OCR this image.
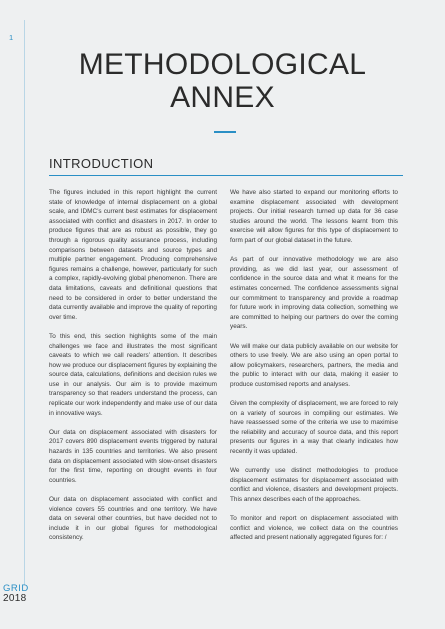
1
METHODOLOGICAL
ANNEX
INTRODUCTION

The figures included in this report highlight the current state of knowledge of internal displacement on a global scale, and IDMC’s current best estimates for displacement associated with conflict and disasters in 2017. In order to produce figures that are as robust as possible, they go through a rigorous quality assurance process, including comparisons between datasets and source types and multiple partner engagement. Producing comprehensive figures remains a challenge, however, particularly for such a complex, rapidly-evolving global phenomenon. There are data limitations, caveats and definitional questions that need to be considered in order to better understand the data currently available and improve the quality of reporting over time.

To this end, this section highlights some of the main challenges we face and illustrates the most significant caveats to which we call readers’ attention. It describes how we produce our displacement figures by explaining the source data, calculations, definitions and decision rules we use in our analysis. Our aim is to provide maximum transparency so that readers understand the process, can replicate our work independently and make use of our data in innovative ways.

Our data on displacement associated with disasters for 2017 covers 890 displacement events triggered by natural hazards in 135 countries and territories. We also present data on displacement associated with slow-onset disasters for the first time, reporting on drought events in four countries.

Our data on displacement associated with conflict and violence covers 55 countries and one territory. We have data on several other countries, but have decided not to include it in our global figures for methodological consistency.

We have also started to expand our monitoring efforts to examine displacement associated with development projects. Our initial research turned up data for 36 case studies around the world. The lessons learnt from this exercise will allow figures for this type of displacement to form part of our global dataset in the future.

As part of our innovative methodology we are also providing, as we did last year, our assessment of confidence in the source data and what it means for the estimates concerned. The confidence assessments signal our commitment to transparency and provide a roadmap for future work in improving data collection, something we are committed to helping our partners do over the coming years.

We will make our data publicly available on our website for others to use freely. We are also using an open portal to allow policymakers, researchers, partners, the media and the public to interact with our data, making it easier to produce customised reports and analyses.

Given the complexity of displacement, we are forced to rely on a variety of sources in compiling our estimates. We have reassessed some of the criteria we use to maximise the reliability and accuracy of source data, and this report presents our figures in a way that clearly indicates how recently it was updated.

We currently use distinct methodologies to produce displacement estimates for displacement associated with conflict and violence, disasters and development projects. This annex describes each of the approaches.

To monitor and report on displacement associated with conflict and violence, we collect data on the countries affected and present nationally aggregated figures for: /

GRID
2018
